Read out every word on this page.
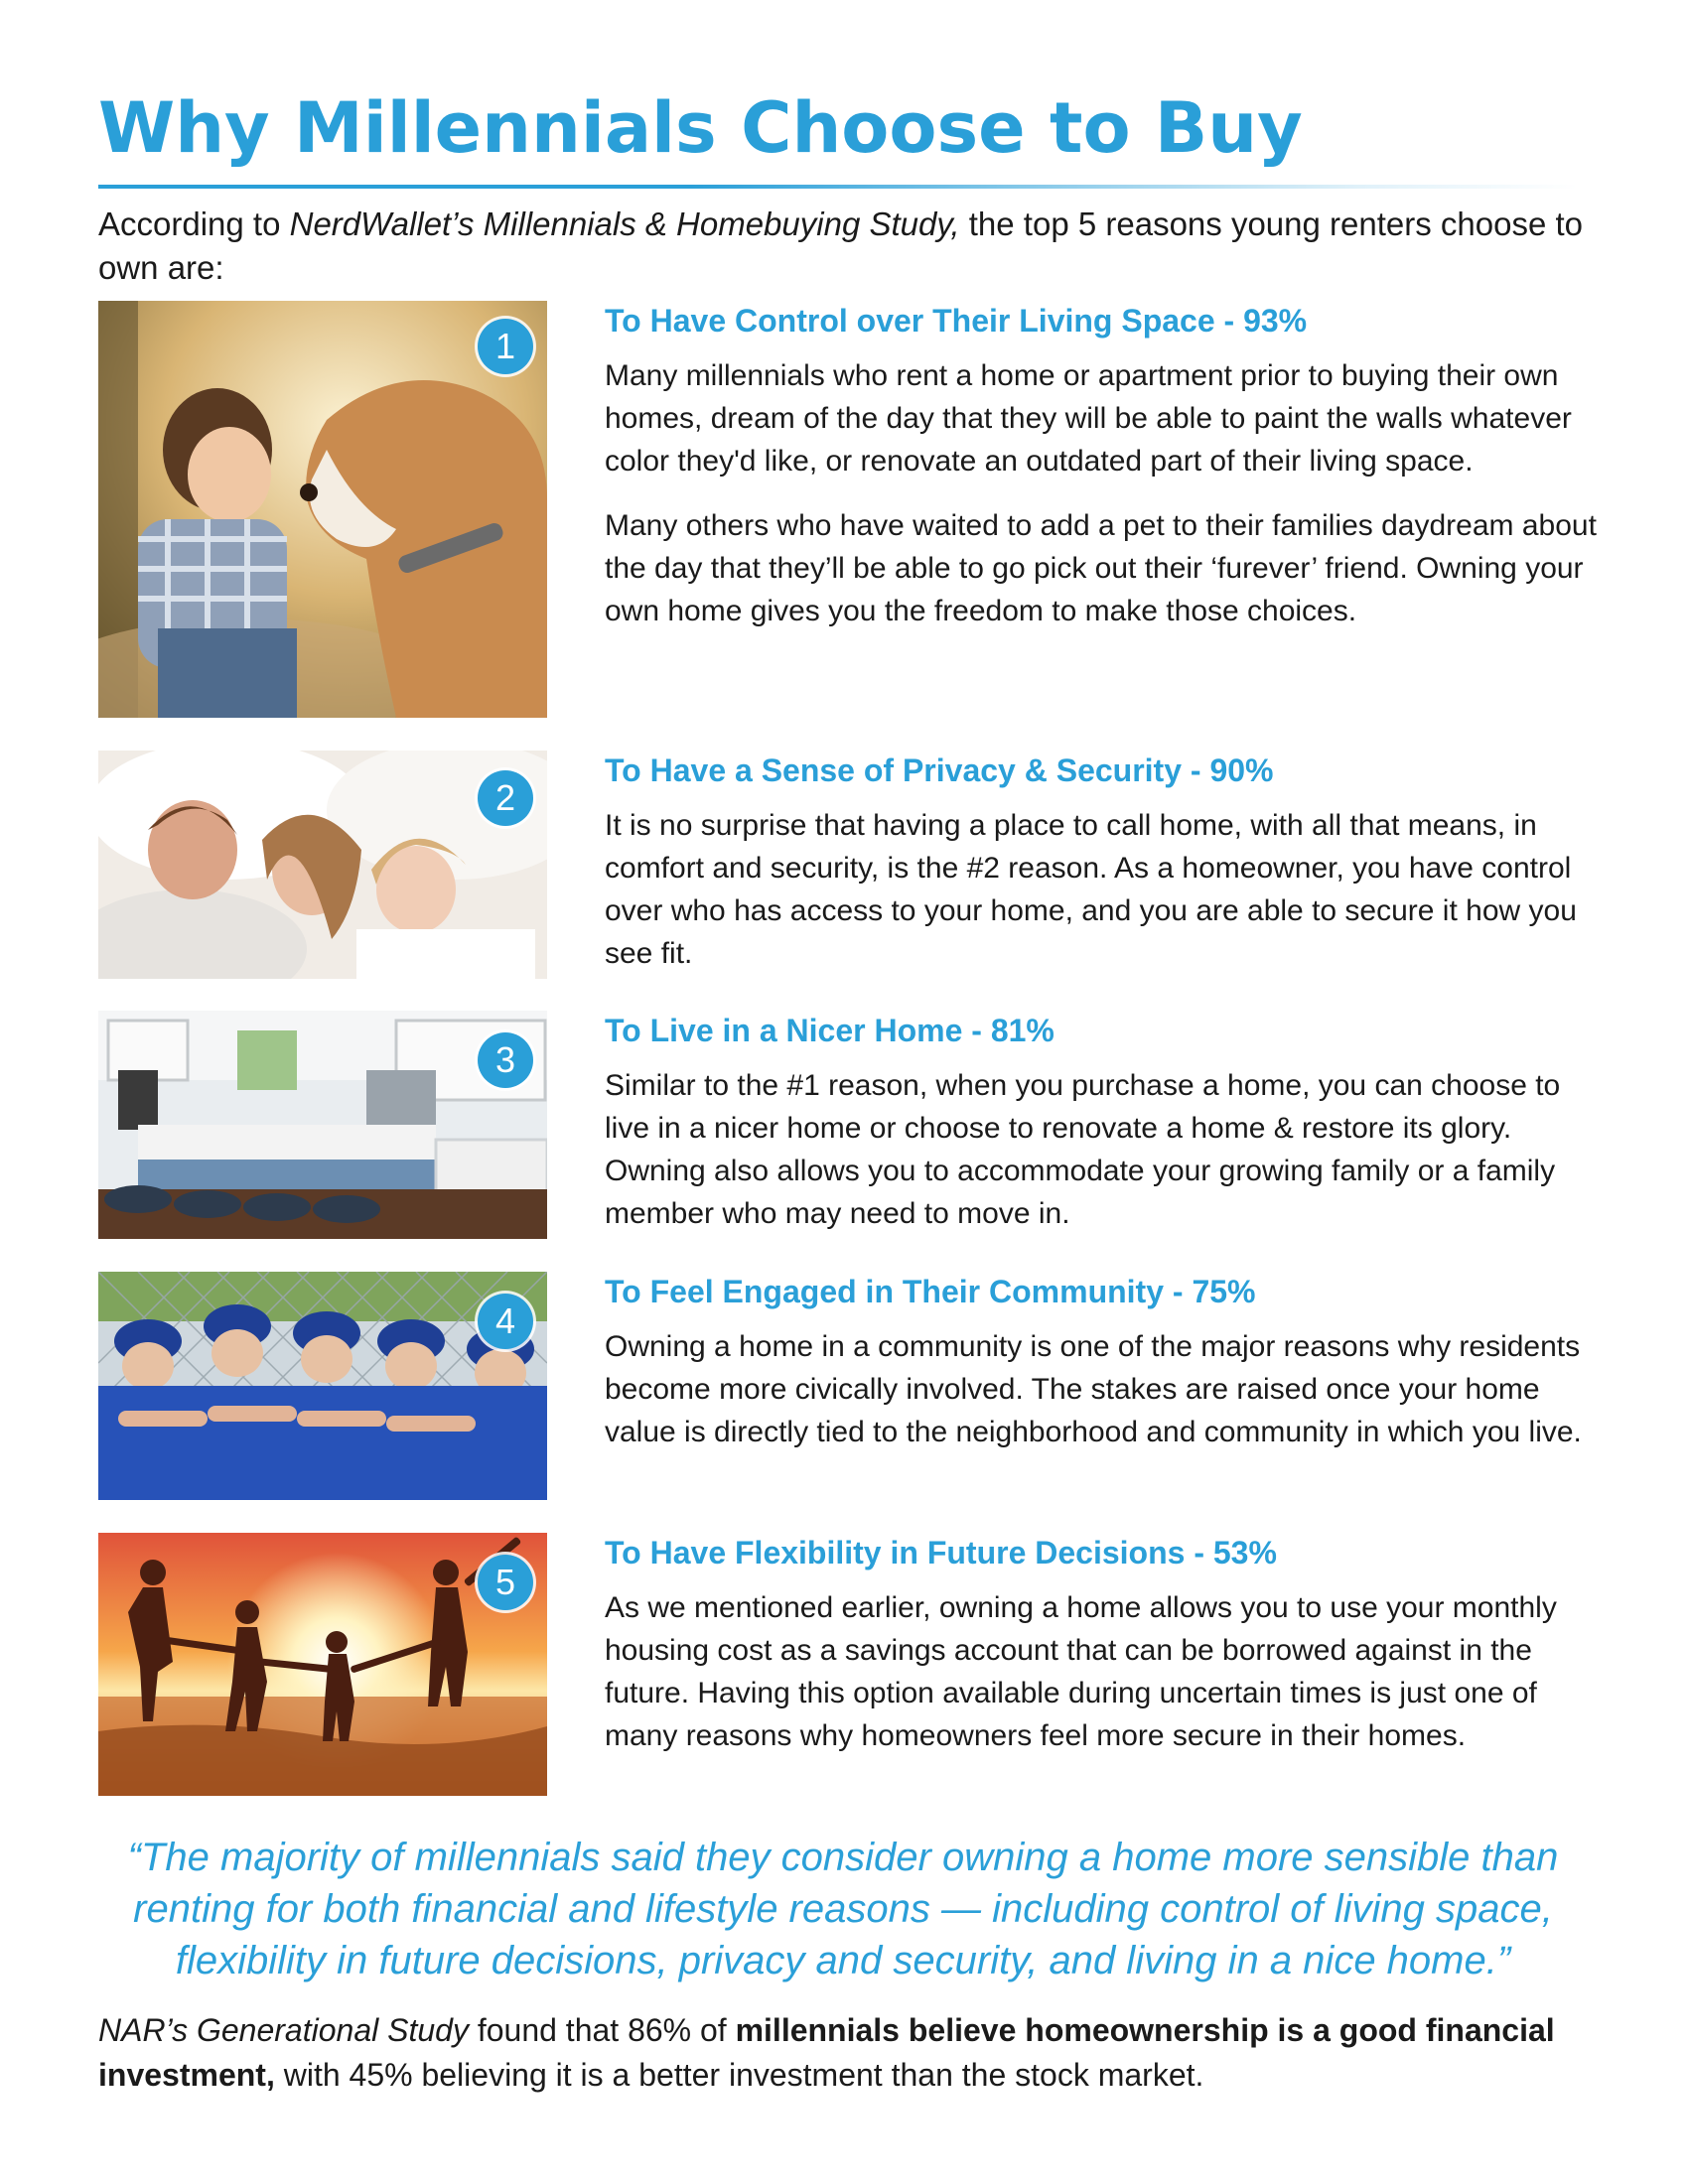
Why Millennials Choose to Buy

According to NerdWallet’s Millennials & Homebuying Study, the top 5 reasons young renters choose to own are:

1
To Have Control over Their Living Space - 93%

Many millennials who rent a home or apartment prior to buying their own homes, dream of the day that they will be able to paint the walls whatever color they'd like, or renovate an outdated part of their living space.

Many others who have waited to add a pet to their families daydream about the day that they’ll be able to go pick out their ‘furever’ friend. Owning your own home gives you the freedom to make those choices.

2
To Have a Sense of Privacy & Security - 90%

It is no surprise that having a place to call home, with all that means, in comfort and security, is the #2 reason. As a homeowner, you have control over who has access to your home, and you are able to secure it how you see fit.

3
To Live in a Nicer Home - 81%

Similar to the #1 reason, when you purchase a home, you can choose to live in a nicer home or choose to renovate a home & restore its glory. Owning also allows you to accommodate your growing family or a family member who may need to move in.

4
To Feel Engaged in Their Community - 75%

Owning a home in a community is one of the major reasons why residents become more civically involved. The stakes are raised once your home value is directly tied to the neighborhood and community in which you live.

5
To Have Flexibility in Future Decisions - 53%

As we mentioned earlier, owning a home allows you to use your monthly housing cost as a savings account that can be borrowed against in the future. Having this option available during uncertain times is just one of many reasons why homeowners feel more secure in their homes.

“The majority of millennials said they consider owning a home more sensible than renting for both financial and lifestyle reasons — including control of living space, flexibility in future decisions, privacy and security, and living in a nice home.”

NAR’s Generational Study found that 86% of millennials believe homeownership is a good financial investment, with 45% believing it is a better investment than the stock market.
